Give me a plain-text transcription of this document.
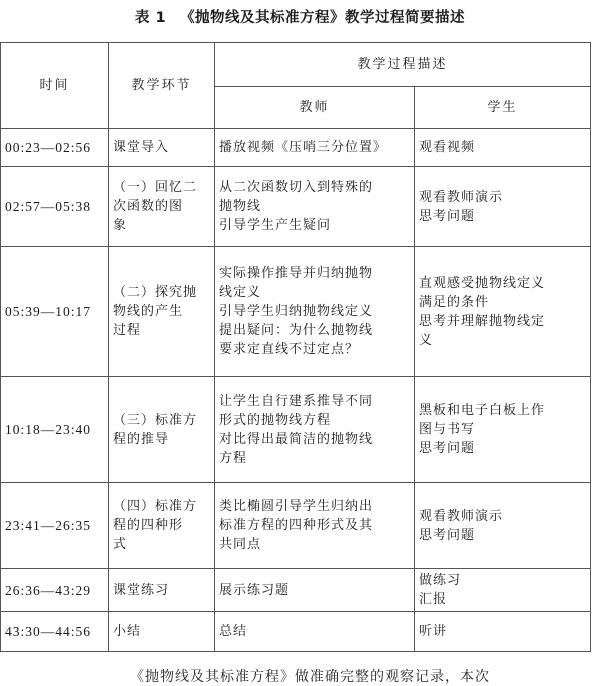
表 1 《抛物线及其标准方程》教学过程简要描述
时间	教学环节	教学过程描述	
		教师	学生
00:23—02:56	课堂导入	播放视频《压哨三分位置》	观看视频

02:57—05:38	（一）回忆二
次函数的图
象	从二次函数切入到特殊的
抛物线
引导学生产生疑问	观看教师演示
思考问题

05:39—10:17	（二）探究抛
物线的产生
过程	实际操作推导并归纳抛物
线定义
引导学生归纳抛物线定义
提出疑问：为什么抛物线
要求定直线不过定点？	直观感受抛物线定义
满足的条件
思考并理解抛物线定
义

10:18—23:40	（三）标准方
程的推导	让学生自行建系推导不同
形式的抛物线方程
对比得出最简洁的抛物线
方程	黑板和电子白板上作
图与书写
思考问题

23:41—26:35	（四）标准方
程的四种形
式	类比椭圆引导学生归纳出
标准方程的四种形式及其
共同点	观看教师演示
思考问题

26:36—43:29	课堂练习	展示练习题	做练习
汇报

43:30—44:56	小结	总结	听讲
《抛物线及其标准方程》做准确完整的观察记录，本次
